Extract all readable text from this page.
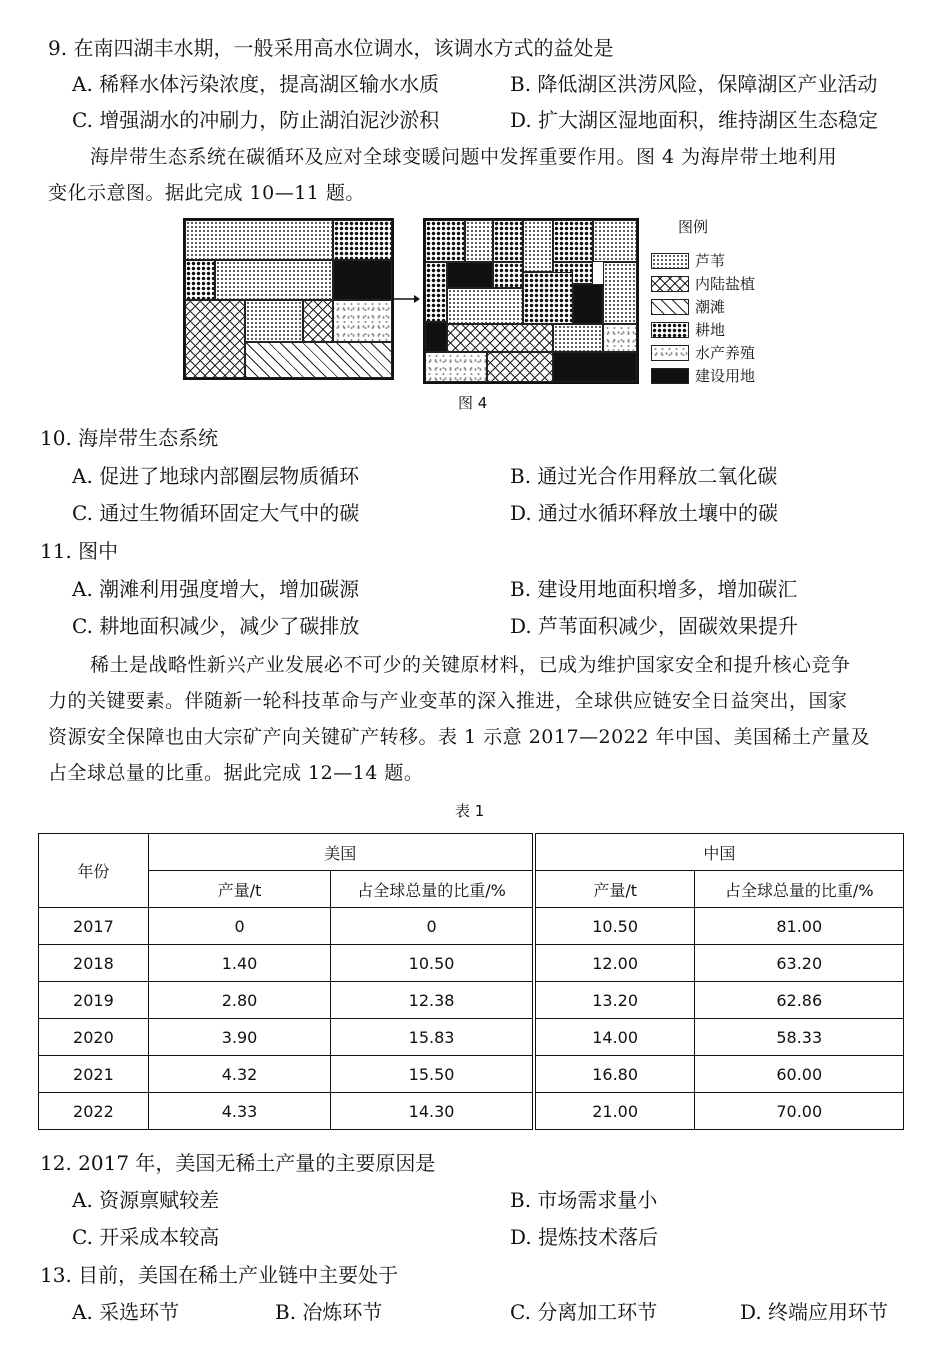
9. 在南四湖丰水期，一般采用高水位调水，该调水方式的益处是
A. 稀释水体污染浓度，提高湖区输水水质	B. 降低湖区洪涝风险，保障湖区产业活动
C. 增强湖水的冲刷力，防止湖泊泥沙淤积	D. 扩大湖区湿地面积，维持湖区生态稳定
海岸带生态系统在碳循环及应对全球变暖问题中发挥重要作用。图 4 为海岸带土地利用
变化示意图。据此完成 10—11 题。
图例
芦苇
内陆盐植
潮滩
耕地
水产养殖
建设用地
图 4
10. 海岸带生态系统
A. 促进了地球内部圈层物质循环	B. 通过光合作用释放二氧化碳
C. 通过生物循环固定大气中的碳	D. 通过水循环释放土壤中的碳
11. 图中
A. 潮滩利用强度增大，增加碳源	B. 建设用地面积增多，增加碳汇
C. 耕地面积减少，减少了碳排放	D. 芦苇面积减少，固碳效果提升
稀土是战略性新兴产业发展必不可少的关键原材料，已成为维护国家安全和提升核心竞争
力的关键要素。伴随新一轮科技革命与产业变革的深入推进，全球供应链安全日益突出，国家
资源安全保障也由大宗矿产向关键矿产转移。表 1 示意 2017—2022 年中国、美国稀土产量及
占全球总量的比重。据此完成 12—14 题。
表 1
年份	美国			中国	
	产量/t	占全球总量的比重/%		产量/t	占全球总量的比重/%
2017	0	0		10.50	81.00
2018	1.40	10.50		12.00	63.20
2019	2.80	12.38		13.20	62.86
2020	3.90	15.83		14.00	58.33
2021	4.32	15.50		16.80	60.00
2022	4.33	14.30		21.00	70.00
12. 2017 年，美国无稀土产量的主要原因是
A. 资源禀赋较差	B. 市场需求量小
C. 开采成本较高	D. 提炼技术落后
13. 目前，美国在稀土产业链中主要处于
A. 采选环节	B. 冶炼环节	C. 分离加工环节	D. 终端应用环节
